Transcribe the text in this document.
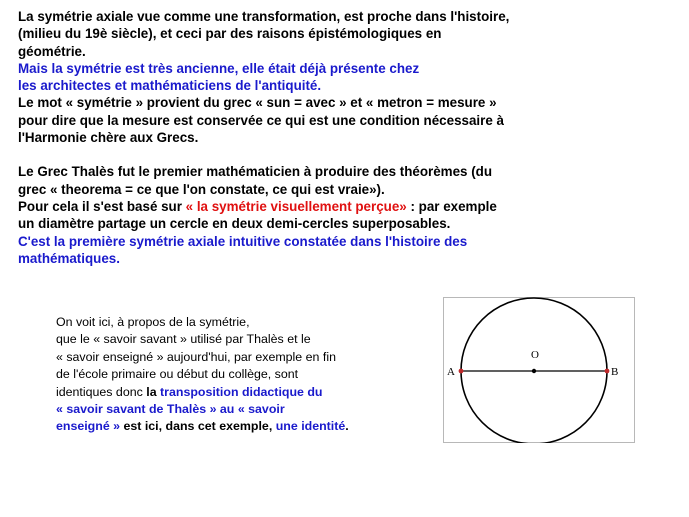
La symétrie axiale vue comme une transformation, est proche dans l'histoire,
(milieu du 19è siècle), et ceci par des raisons épistémologiques en
géométrie.

Mais la symétrie est très ancienne, elle était déjà présente chez
les architectes et mathématiciens de l'antiquité.

Le mot « symétrie » provient du grec « sun = avec » et « metron = mesure »
pour dire que la mesure est conservée ce qui est une condition nécessaire à
l'Harmonie chère aux Grecs.

Le Grec Thalès fut le premier mathématicien à produire des théorèmes (du
grec « theorema = ce que l'on constate, ce qui est vraie»).

Pour cela il s'est basé sur « la symétrie visuellement perçue» : par exemple
un diamètre partage un cercle en deux demi-cercles superposables.

C'est la première symétrie axiale intuitive constatée dans l'histoire des
mathématiques.

On voit ici, à propos de la symétrie,

que le « savoir savant » utilisé par Thalès et le

« savoir enseigné » aujourd'hui, par exemple en fin

de l'école primaire ou début du collège, sont

identiques donc la transposition didactique du

« savoir savant de Thalès » au « savoir

enseigné » est ici, dans cet exemple, une identité.

O
A	B
